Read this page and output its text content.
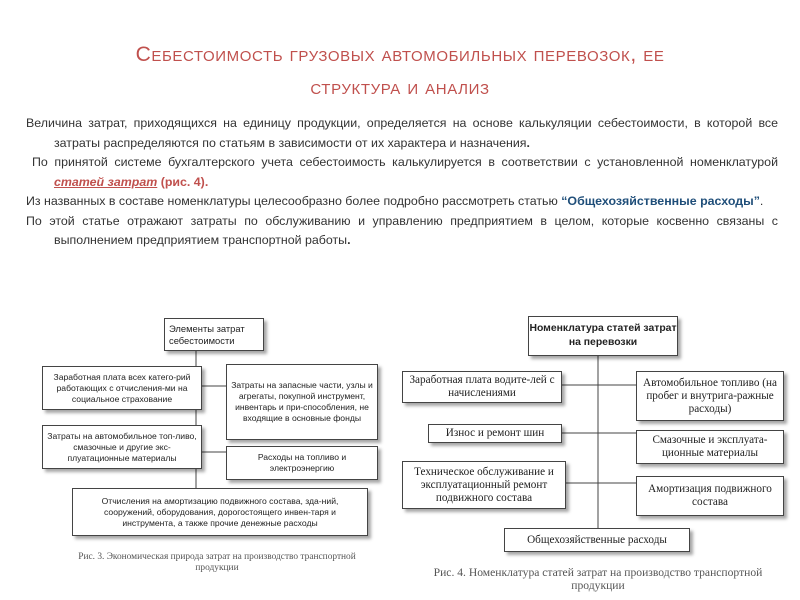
Себестоимость грузовых автомобильных перевозок, ее
структура и анализ

Величина затрат, приходящихся на единицу продукции, определяется на основе калькуляции себестоимости, в которой все затраты распределяются по статьям в зависимости от их характера и назначения.

По принятой системе бухгалтерского учета себестоимость калькулируется в соответствии с установленной номенклатурой статей затрат (рис. 4).

Из названных в составе номенклатуры целесообразно более подробно рассмотреть статью “Общехозяйственные расходы”.

По этой статье отражают затраты по обслуживанию и управлению предприятием в целом, которые косвенно связаны с выполнением предприятием транспортной работы.

Элементы затрат себестоимости
Заработная плата всех катего-рий работающих с отчисления-ми на социальное страхование
Затраты на запасные части, узлы и агрегаты, покупной инструмент, инвентарь и при-способления, не входящие в основные фонды
Затраты на автомобильное топ-ливо, смазочные и другие экс-плуатационные материалы	Расходы на топливо и электроэнергию
Отчисления на амортизацию подвижного состава, зда-ний, сооружений, оборудования, дорогостоящего инвен-таря и инструмента, а также прочие денежные расходы
Рис. 3. Экономическая природа затрат на производство транспортной продукции
Номенклатура статей затрат на перевозки
Заработная плата водите-лей с начислениями
Износ и ремонт шин
Техническое обслуживание и эксплуатационный ремонт подвижного состава
Автомобильное топливо (на пробег и внутрига-ражные расходы)
Смазочные и эксплуата-ционные материалы
Амортизация подвижного состава
Общехозяйственные расходы
Рис. 4. Номенклатура статей затрат на производство транспортной продукции
